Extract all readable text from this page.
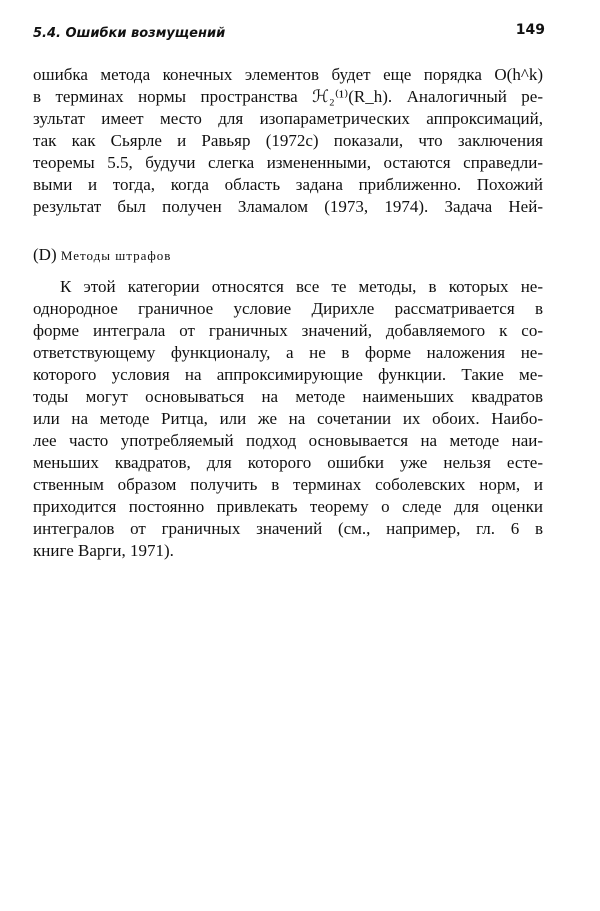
5.4. Ошибки возмущений	149
ошибка метода конечных элементов будет еще порядка O(h^k)
в терминах нормы пространства ℋ₂⁽¹⁾(R_h). Аналогичный ре-
зультат имеет место для изопараметрических аппроксимаций,
так как Сьярле и Равьяр (1972c) показали, что заключения
теоремы 5.5, будучи слегка измененными, остаются справедли-
выми и тогда, когда область задана приближенно. Похожий
результат был получен Зламалом (1973, 1974). Задача Ней-
(D) Методы штрафов
К этой категории относятся все те методы, в которых не-
однородное граничное условие Дирихле рассматривается в
форме интеграла от граничных значений, добавляемого к со-
ответствующему функционалу, а не в форме наложения не-
которого условия на аппроксимирующие функции. Такие ме-
тоды могут основываться на методе наименьших квадратов
или на методе Ритца, или же на сочетании их обоих. Наибо-
лее часто употребляемый подход основывается на методе наи-
меньших квадратов, для которого ошибки уже нельзя есте-
ственным образом получить в терминах соболевских норм, и
приходится постоянно привлекать теорему о следе для оценки
интегралов от граничных значений (см., например, гл. 6 в
книге Варги, 1971).
